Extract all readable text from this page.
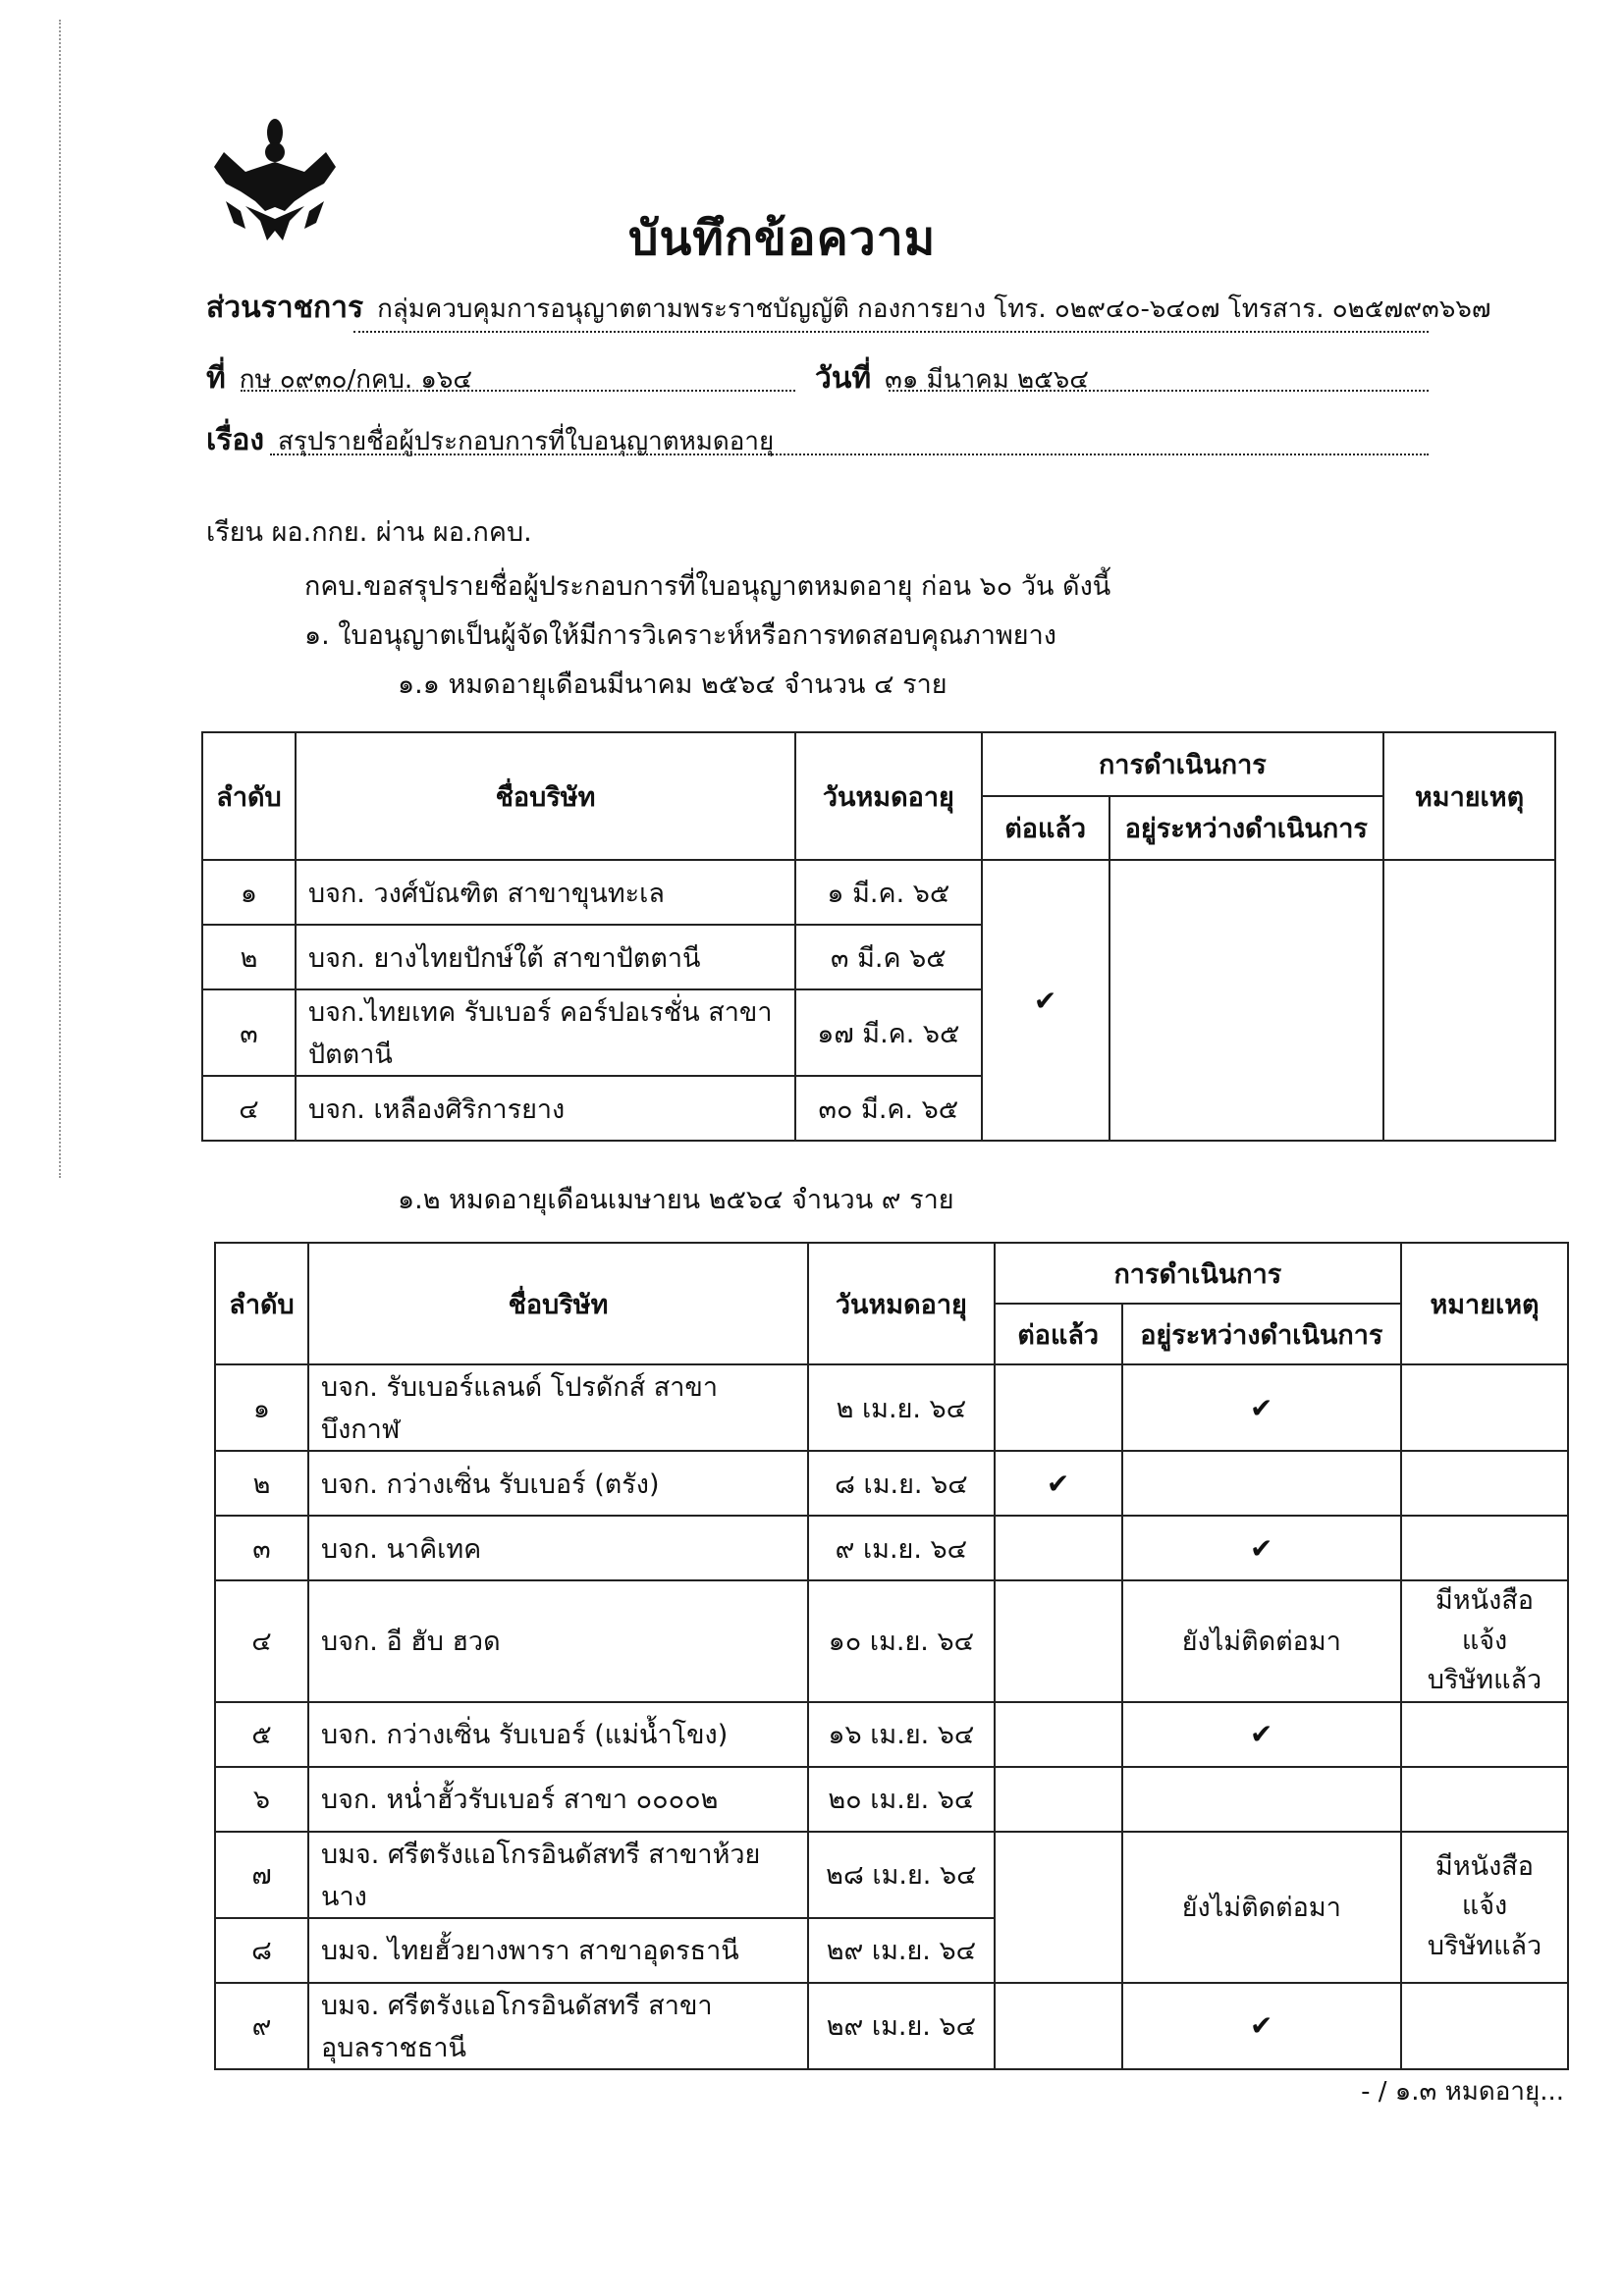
บันทึกข้อความ
ส่วนราชการ กลุ่มควบคุมการอนุญาตตามพระราชบัญญัติ กองการยาง โทร. ๐๒๙๔๐-๖๔๐๗ โทรสาร. ๐๒๕๗๙๓๖๖๗
ที่ กษ ๐๙๓๐/กคบ. ๑๖๔	วันที่ ๓๑ มีนาคม ๒๕๖๔
เรื่อง สรุปรายชื่อผู้ประกอบการที่ใบอนุญาตหมดอายุ
เรียน ผอ.กกย. ผ่าน ผอ.กคบ.
กคบ.ขอสรุปรายชื่อผู้ประกอบการที่ใบอนุญาตหมดอายุ ก่อน ๖๐ วัน ดังนี้
๑. ใบอนุญาตเป็นผู้จัดให้มีการวิเคราะห์หรือการทดสอบคุณภาพยาง
๑.๑ หมดอายุเดือนมีนาคม ๒๕๖๔ จำนวน ๔ ราย
ลำดับ	ชื่อบริษัท	วันหมดอายุ	การดำเนินการ		หมายเหตุ
			ต่อแล้ว	อยู่ระหว่างดำเนินการ	
๑	บจก. วงศ์บัณฑิต สาขาขุนทะเล	๑ มี.ค. ๖๕	✔		
๒	บจก. ยางไทยปักษ์ใต้ สาขาปัตตานี	๓ มี.ค ๖๕			
๓	บจก.ไทยเทค รับเบอร์ คอร์ปอเรชั่น สาขาปัตตานี	๑๗ มี.ค. ๖๕			
๔	บจก. เหลืองศิริการยาง	๓๐ มี.ค. ๖๕			
๑.๒ หมดอายุเดือนเมษายน ๒๕๖๔ จำนวน ๙ ราย
ลำดับ	ชื่อบริษัท	วันหมดอายุ	การดำเนินการ		หมายเหตุ
			ต่อแล้ว	อยู่ระหว่างดำเนินการ	
๑	บจก. รับเบอร์แลนด์ โปรดักส์ สาขาบึงกาฬ	๒ เม.ย. ๖๔		✔	
๒	บจก. กว่างเซิ่น รับเบอร์ (ตรัง)	๘ เม.ย. ๖๔	✔		
๓	บจก. นาคิเทค	๙ เม.ย. ๖๔		✔	
๔	บจก. อี ฮับ ฮวด	๑๐ เม.ย. ๖๔		ยังไม่ติดต่อมา	มีหนังสือแจ้ง
บริษัทแล้ว

๕	บจก. กว่างเซิ่น รับเบอร์ (แม่น้ำโขง)	๑๖ เม.ย. ๖๔		✔	
๖	บจก. หน่ำฮั้วรับเบอร์ สาขา ๐๐๐๐๒	๒๐ เม.ย. ๖๔			
๗	บมจ. ศรีตรังแอโกรอินดัสทรี สาขาห้วยนาง	๒๘ เม.ย. ๖๔		ยังไม่ติดต่อมา	มีหนังสือแจ้ง
บริษัทแล้ว

๘	บมจ. ไทยฮั้วยางพารา สาขาอุดรธานี	๒๙ เม.ย. ๖๔			
๙	บมจ. ศรีตรังแอโกรอินดัสทรี สาขาอุบลราชธานี	๒๙ เม.ย. ๖๔		✔	
- / ๑.๓ หมดอายุ...
